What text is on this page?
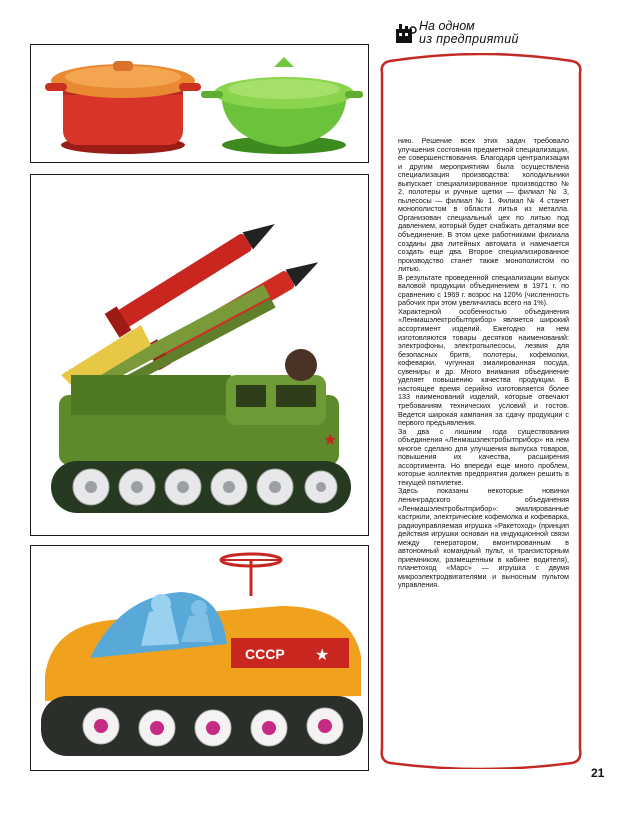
На одном
из предприятий
★
СССР ★

нию. Решение всех этих задач требовало улучшения состояния предметной специализации, ее совершенствования. Благодаря централизации и другим мероприятиям была осуществлена специализация производства: холодильники выпускает специализированное производство № 2, полотеры и ручные щетки — филиал № 3, пылесосы — филиал № 1. Филиал № 4 станет монополистом в области литья из металла. Организован специальный цех по литью под давлением, который будет снабжать деталями все объединение. В этом цехе работниками филиала созданы два литейных автомата и намечается создать еще два. Второе специализированное производство станет также монополистом по литью.

В результате проведенной специализации выпуск валовой продукции объединением в 1971 г. по сравнению с 1969 г. возрос на 120% (численность рабочих при этом увеличилась всего на 1%).

Характерной особенностью объединения «Ленмашэлектробытприбор» является широкий ассортимент изделий. Ежегодно на нем изготовляются товары десятков наименований: электрофоны, электропылесосы, лезвия для безопасных бритв, полотеры, кофемолки, кофеварки, чугунная эмалированная посуда, сувениры и др. Много внимания объединение уделяет повышению качества продукции. В настоящее время серийно изготовляется более 133 наименований изделий, которые отвечают требованиям технических условий и гостов. Ведется широкая кампания за сдачу продукции с первого предъявления.

За два с лишним года существования объединения «Ленмашэлектробытприбор» на нем многое сделано для улучшения выпуска товаров, повышения их качества, расширения ассортимента. Но впереди еще много проблем, которые коллектив предприятия должен решить в текущей пятилетке.

Здесь показаны некоторые новинки ленинградского объединения «Ленмашэлектробытприбор»: эмалированные кастрюли, электрические кофемолка и кофеварка, радиоуправляемая игрушка «Ракетоход» (принцип действия игрушки основан на индукционной связи между генератором, вмонтированным в автономный командный пульт, и транзисторным приемником, размещенным в кабине водителя), планетоход «Марс» — игрушка с двумя микроэлектродвигателями и выносным пультом управления.

21
